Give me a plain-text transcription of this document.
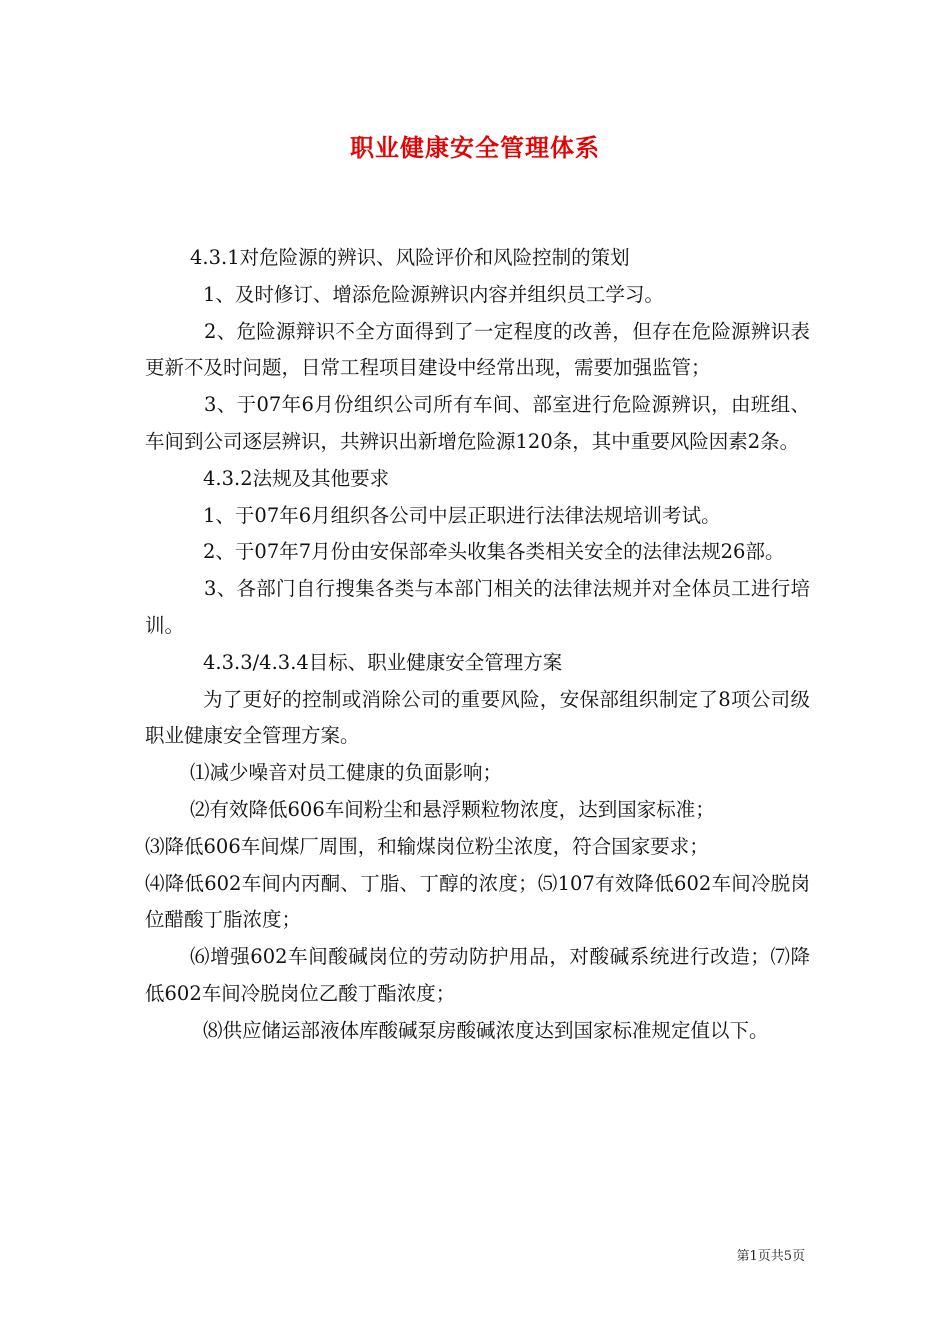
职业健康安全管理体系

4.3.1对危险源的辨识、风险评价和风险控制的策划

1、及时修订、增添危险源辨识内容并组织员工学习。

2、危险源辩识不全方面得到了一定程度的改善，但存在危险源辨识表更新不及时问题，日常工程项目建设中经常出现，需要加强监管；

3、于07年6月份组织公司所有车间、部室进行危险源辨识，由班组、车间到公司逐层辨识，共辨识出新增危险源120条，其中重要风险因素2条。

4.3.2法规及其他要求

1、于07年6月组织各公司中层正职进行法律法规培训考试。

2、于07年7月份由安保部牵头收集各类相关安全的法律法规26部。

3、各部门自行搜集各类与本部门相关的法律法规并对全体员工进行培训。

4.3.3/4.3.4目标、职业健康安全管理方案

为了更好的控制或消除公司的重要风险，安保部组织制定了8项公司级职业健康安全管理方案。

⑴减少噪音对员工健康的负面影响；

⑵有效降低606车间粉尘和悬浮颗粒物浓度，达到国家标准；

⑶降低606车间煤厂周围，和输煤岗位粉尘浓度，符合国家要求；

⑷降低602车间内丙酮、丁脂、丁醇的浓度；⑸107有效降低602车间冷脱岗位醋酸丁脂浓度；

⑹增强602车间酸碱岗位的劳动防护用品，对酸碱系统进行改造；⑺降低602车间冷脱岗位乙酸丁酯浓度；

⑻供应储运部液体库酸碱泵房酸碱浓度达到国家标准规定值以下。

第1页共5页
